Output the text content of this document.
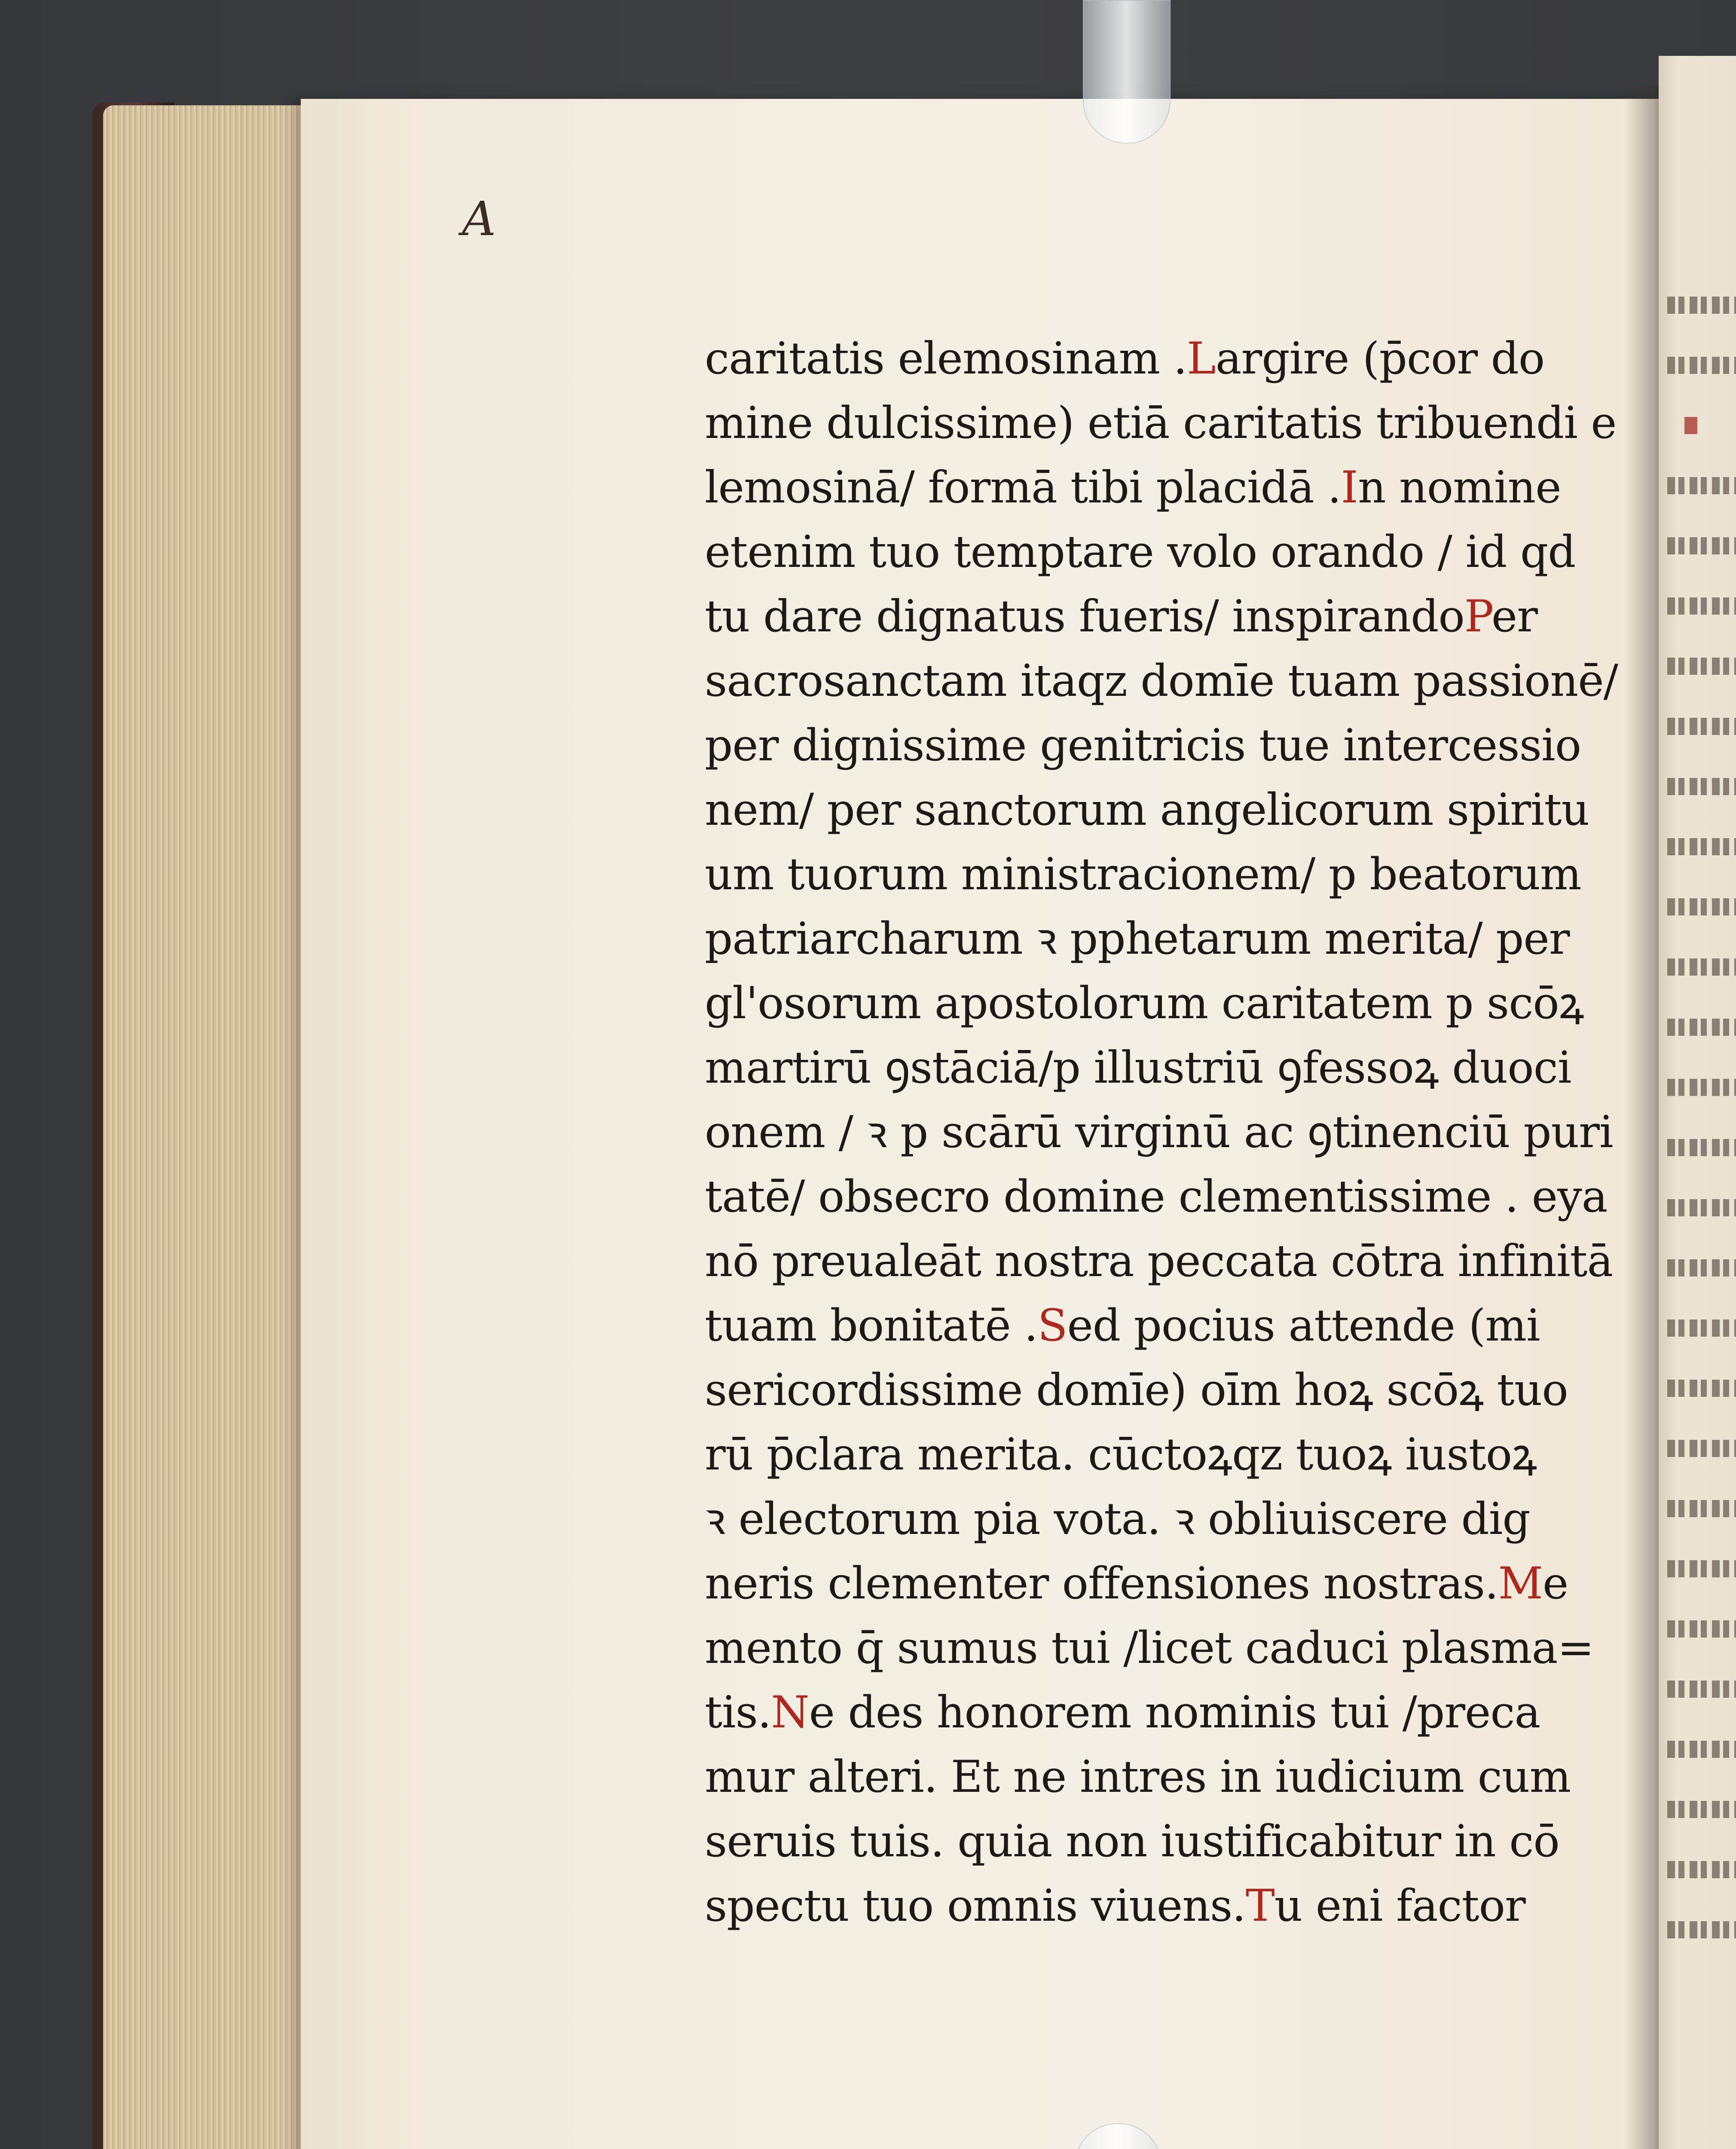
A
caritatis elemosinam .Largire (p̄cor do
mine dulcissime) etiā caritatis tribuendi e
lemosinā/ formā tibi placidā .In nomine
etenim tuo temptare volo orando / id qd
tu dare dignatus fueris/ inspirandoPer
sacrosanctam itaqz domīe tuam passionē/
per dignissime genitricis tue intercessio
nem/ per sanctorum angelicorum spiritu
um tuorum ministracionem/ p beatorum
patriarcharum ꝛ pphetarum merita/ per
gl'osorum apostolorum caritatem p scōꝝ
martirū ꝯstāciā/p illustriū ꝯfessoꝝ duoci
onem / ꝛ p scārū virginū ac ꝯtinenciū puri
tatē/ obsecro domine clementissime . eya
nō preualeāt nostra peccata cōtra infinitā
tuam bonitatē .Sed pocius attende (mi
sericordissime domīe) oīm hoꝝ scōꝝ tuo
rū p̄clara merita. cūctoꝝqz tuoꝝ iustoꝝ
ꝛ electorum pia vota. ꝛ obliuiscere dig
neris clementer offensiones nostras.Me
mento q̄ sumus tui /licet caduci plasma=
tis.Ne des honorem nominis tui /preca
mur alteri. Et ne intres in iudicium cum
seruis tuis. quia non iustificabitur in cō
spectu tuo omnis viuens.Tu eni factor
